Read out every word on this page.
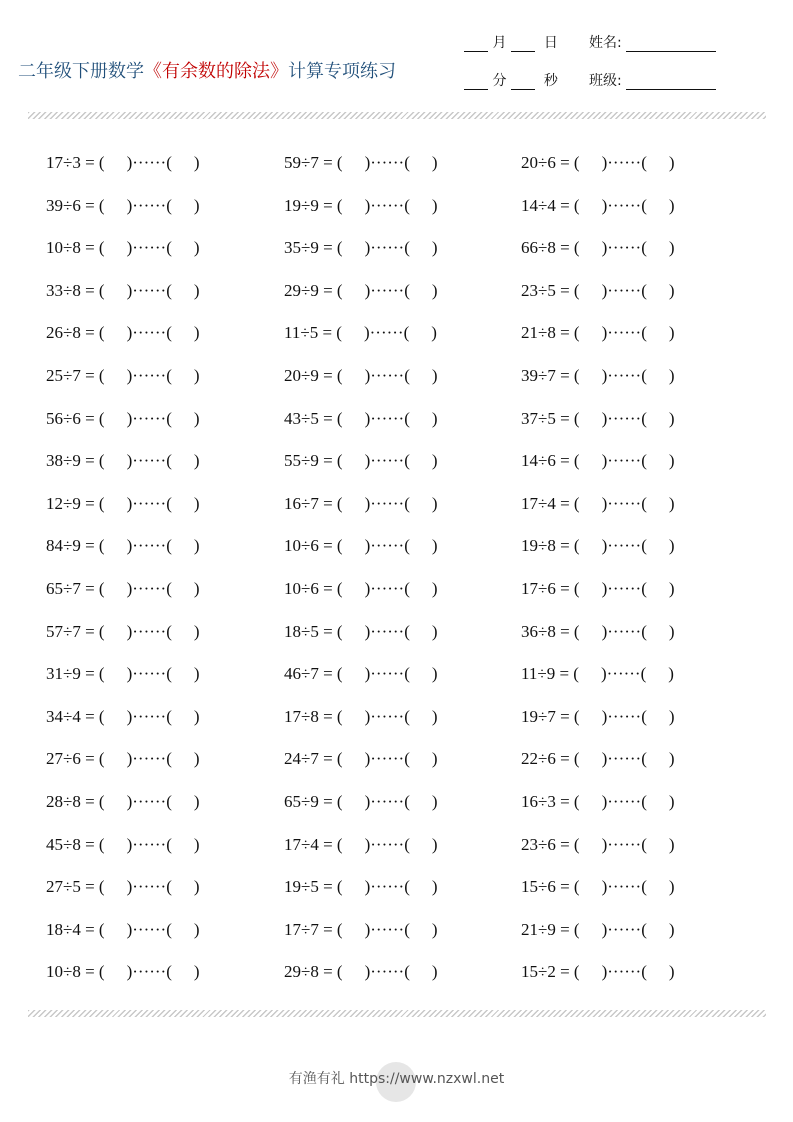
二年级下册数学《有余数的除法》计算专项练习
月	日
分	秒
姓名:
班级:
17÷3 = ( )······( )
39÷6 = ( )······( )
10÷8 = ( )······( )
33÷8 = ( )······( )
26÷8 = ( )······( )
25÷7 = ( )······( )
56÷6 = ( )······( )
38÷9 = ( )······( )
12÷9 = ( )······( )
84÷9 = ( )······( )
65÷7 = ( )······( )
57÷7 = ( )······( )
31÷9 = ( )······( )
34÷4 = ( )······( )
27÷6 = ( )······( )
28÷8 = ( )······( )
45÷8 = ( )······( )
27÷5 = ( )······( )
18÷4 = ( )······( )
10÷8 = ( )······( )
59÷7 = ( )······( )
19÷9 = ( )······( )
35÷9 = ( )······( )
29÷9 = ( )······( )
11÷5 = ( )······( )
20÷9 = ( )······( )
43÷5 = ( )······( )
55÷9 = ( )······( )
16÷7 = ( )······( )
10÷6 = ( )······( )
10÷6 = ( )······( )
18÷5 = ( )······( )
46÷7 = ( )······( )
17÷8 = ( )······( )
24÷7 = ( )······( )
65÷9 = ( )······( )
17÷4 = ( )······( )
19÷5 = ( )······( )
17÷7 = ( )······( )
29÷8 = ( )······( )
20÷6 = ( )······( )
14÷4 = ( )······( )
66÷8 = ( )······( )
23÷5 = ( )······( )
21÷8 = ( )······( )
39÷7 = ( )······( )
37÷5 = ( )······( )
14÷6 = ( )······( )
17÷4 = ( )······( )
19÷8 = ( )······( )
17÷6 = ( )······( )
36÷8 = ( )······( )
11÷9 = ( )······( )
19÷7 = ( )······( )
22÷6 = ( )······( )
16÷3 = ( )······( )
23÷6 = ( )······( )
15÷6 = ( )······( )
21÷9 = ( )······( )
15÷2 = ( )······( )
有渔有礼 https://www.nzxwl.net
